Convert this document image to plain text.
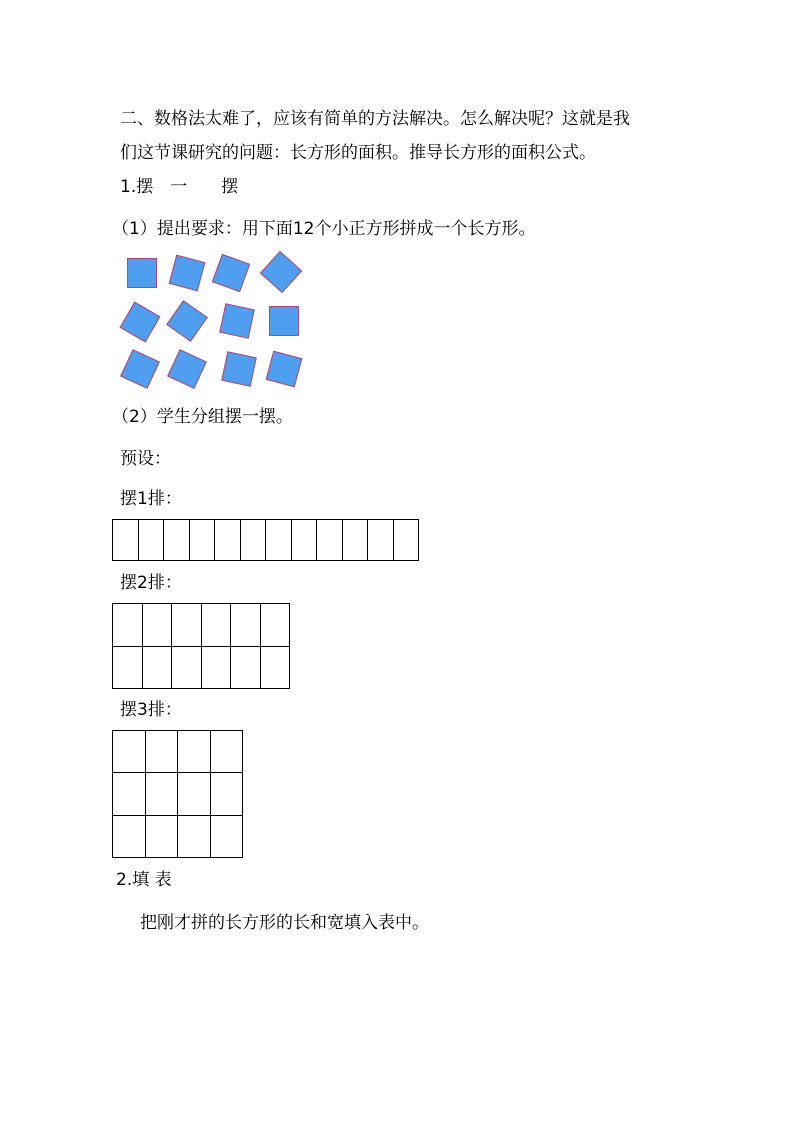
二、数格法太难了，应该有简单的方法解决。怎么解决呢？这就是我
们这节课研究的问题：长方形的面积。推导长方形的面积公式。
1.摆　一　　摆
（1）提出要求：用下面12个小正方形拼成一个长方形。
（2）学生分组摆一摆。
预设：
摆1排：

摆2排：

摆3排：

2.填 表
把刚才拼的长方形的长和宽填入表中。
